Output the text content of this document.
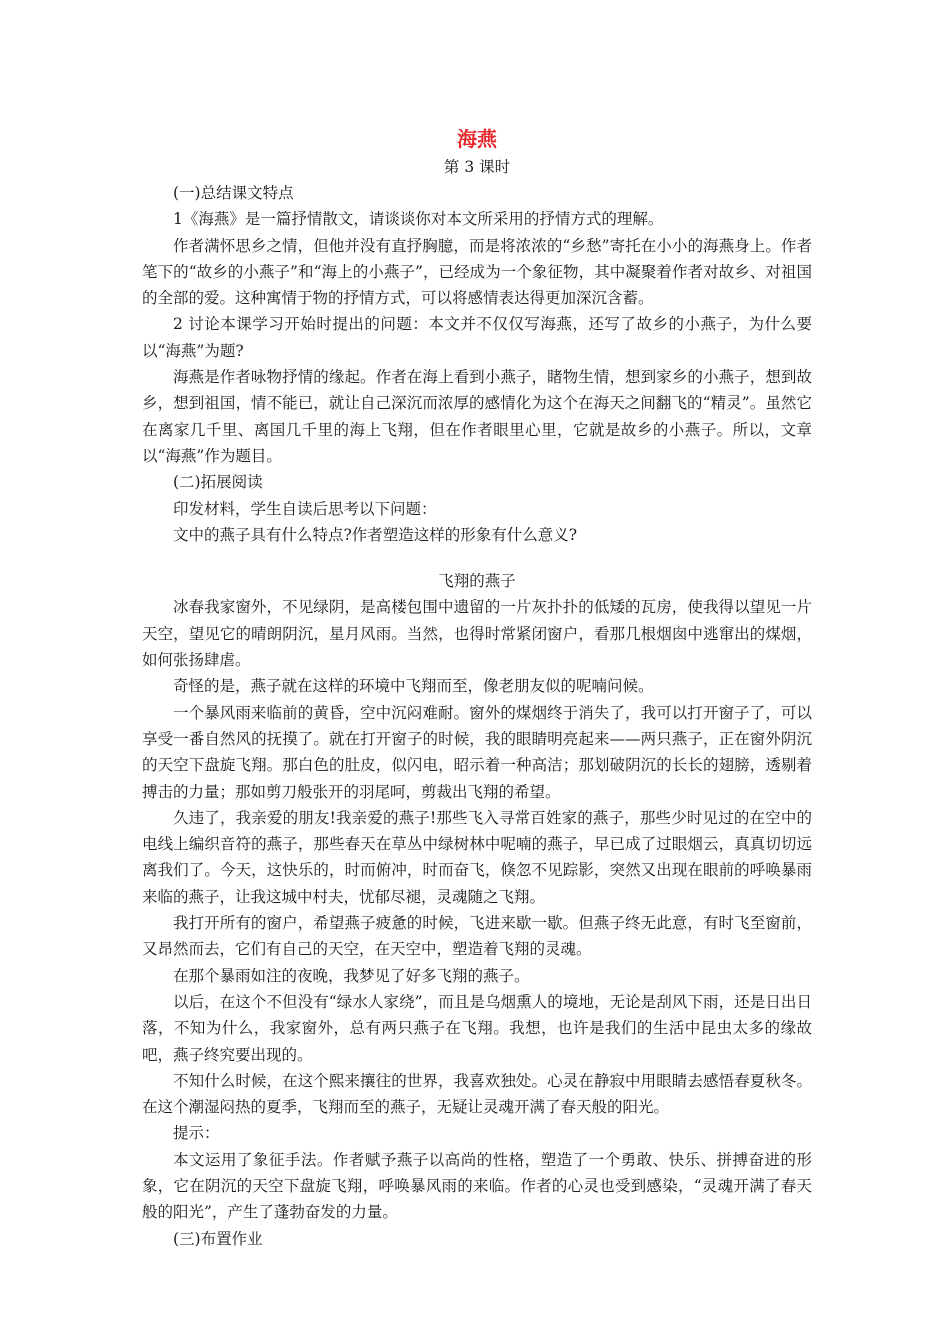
海燕

第 3 课时

(一)总结课文特点

1《海燕》是一篇抒情散文，请谈谈你对本文所采用的抒情方式的理解。

作者满怀思乡之情，但他并没有直抒胸臆，而是将浓浓的“乡愁”寄托在小小的海燕身上。作者笔下的“故乡的小燕子”和“海上的小燕子”，已经成为一个象征物，其中凝聚着作者对故乡、对祖国的全部的爱。这种寓情于物的抒情方式，可以将感情表达得更加深沉含蓄。

2 讨论本课学习开始时提出的问题：本文并不仅仅写海燕，还写了故乡的小燕子，为什么要以“海燕”为题?

海燕是作者咏物抒情的缘起。作者在海上看到小燕子，睹物生情，想到家乡的小燕子，想到故乡，想到祖国，情不能已，就让自己深沉而浓厚的感情化为这个在海天之间翻飞的“精灵”。虽然它在离家几千里、离国几千里的海上飞翔，但在作者眼里心里，它就是故乡的小燕子。所以，文章以“海燕”作为题目。

(二)拓展阅读

印发材料，学生自读后思考以下问题：

文中的燕子具有什么特点?作者塑造这样的形象有什么意义?

飞翔的燕子

冰春我家窗外，不见绿阴，是高楼包围中遗留的一片灰扑扑的低矮的瓦房，使我得以望见一片天空，望见它的晴朗阴沉，星月风雨。当然，也得时常紧闭窗户，看那几根烟囱中逃窜出的煤烟，如何张扬肆虐。

奇怪的是，燕子就在这样的环境中飞翔而至，像老朋友似的呢喃问候。

一个暴风雨来临前的黄昏，空中沉闷难耐。窗外的煤烟终于消失了，我可以打开窗子了，可以享受一番自然风的抚摸了。就在打开窗子的时候，我的眼睛明亮起来——两只燕子，正在窗外阴沉的天空下盘旋飞翔。那白色的肚皮，似闪电，昭示着一种高洁；那划破阴沉的长长的翅膀，透剔着搏击的力量；那如剪刀般张开的羽尾呵，剪裁出飞翔的希望。

久违了，我亲爱的朋友!我亲爱的燕子!那些飞入寻常百姓家的燕子，那些少时见过的在空中的电线上编织音符的燕子，那些春天在草丛中绿树林中呢喃的燕子，早已成了过眼烟云，真真切切远离我们了。今天，这快乐的，时而俯冲，时而奋飞，倏忽不见踪影，突然又出现在眼前的呼唤暴雨来临的燕子，让我这城中村夫，忧郁尽褪，灵魂随之飞翔。

我打开所有的窗户，希望燕子疲惫的时候，飞进来歇一歇。但燕子终无此意，有时飞至窗前，又昂然而去，它们有自己的天空，在天空中，塑造着飞翔的灵魂。

在那个暴雨如注的夜晚，我梦见了好多飞翔的燕子。

以后，在这个不但没有“绿水人家绕”，而且是乌烟熏人的境地，无论是刮风下雨，还是日出日落，不知为什么，我家窗外，总有两只燕子在飞翔。我想，也许是我们的生活中昆虫太多的缘故吧，燕子终究要出现的。

不知什么时候，在这个熙来攘往的世界，我喜欢独处。心灵在静寂中用眼睛去感悟春夏秋冬。在这个潮湿闷热的夏季，飞翔而至的燕子，无疑让灵魂开满了春天般的阳光。

提示：

本文运用了象征手法。作者赋予燕子以高尚的性格，塑造了一个勇敢、快乐、拼搏奋进的形象，它在阴沉的天空下盘旋飞翔，呼唤暴风雨的来临。作者的心灵也受到感染，“灵魂开满了春天般的阳光”，产生了蓬勃奋发的力量。

(三)布置作业
